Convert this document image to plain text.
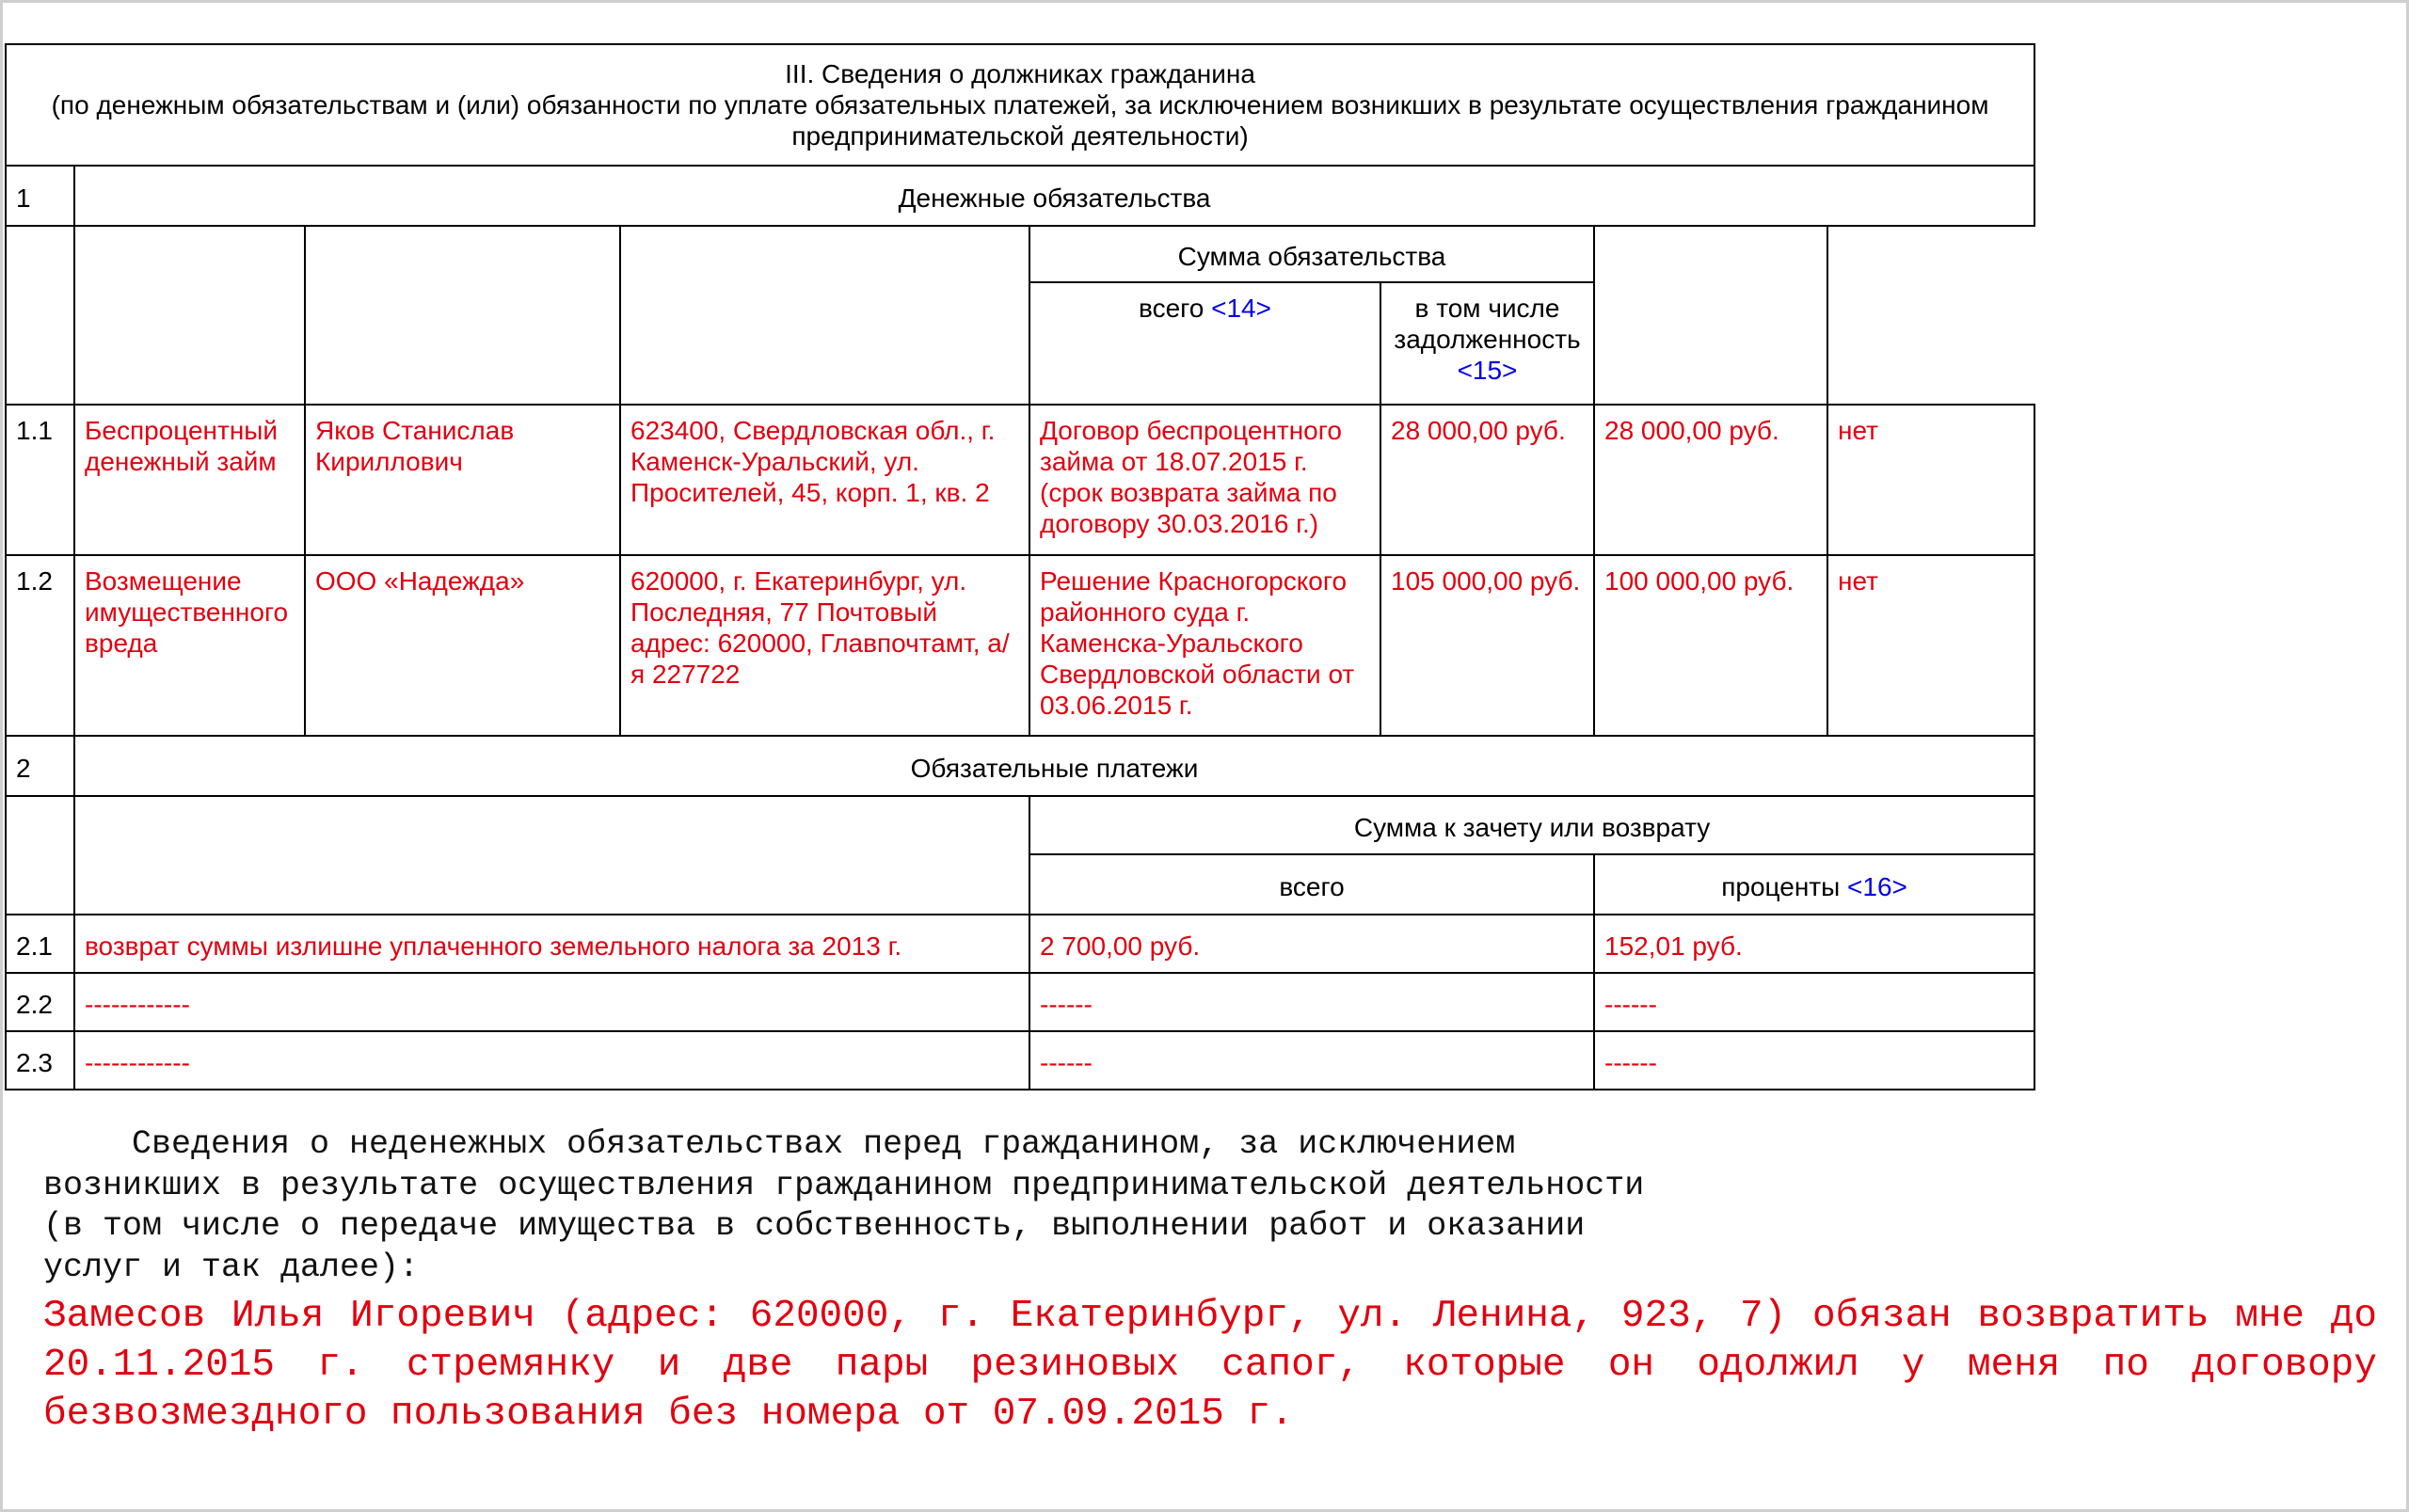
III. Сведения о должниках гражданина
(по денежным обязательствам и (или) обязанности по уплате обязательных платежей, за исключением возникших в результате осуществления гражданином предпринимательской деятельности)							

1	Денежные обязательства						
				Сумма обязательства			
				всего <14>	в том числе задолженность
<15>		
1.1	Беспроцентный денежный займ	Яков Станислав Кириллович	623400, Свердловская обл., г. Каменск-Уральский, ул. Просителей, 45, корп. 1, кв. 2	Договор беспроцентного займа от 18.07.2015 г. (срок возврата займа по договору 30.03.2016 г.)	28 000,00 руб.	28 000,00 руб.	нет
1.2	Возмещение имущественного вреда	ООО «Надежда»	620000, г. Екатеринбург, ул. Последняя, 77 Почтовый адрес: 620000, Главпочтамт, а/я 227722	Решение Красногорского районного суда г. Каменска-Уральского Свердловской области от 03.06.2015 г.	105 000,00 руб.	100 000,00 руб.	нет
2	Обязательные платежи						
				Сумма к зачету или возврату			
				всего		проценты <16>	
2.1	возврат суммы излишне уплаченного земельного налога за 2013 г.			2 700,00 руб.		152,01 руб.	
2.2	------------			------		------	
2.3	------------			------		------	

Сведения о неденежных обязательствах перед гражданином, за исключением возникших в результате осуществления гражданином предпринимательской деятельности (в том числе о передаче имущества в собственность, выполнении работ и оказании услуг и так далее):

Замесов Илья Игоревич (адрес: 620000, г. Екатеринбург, ул. Ленина, 923, 7) обязан возвратить мне до 20.11.2015 г. стремянку и две пары резиновых сапог, которые он одолжил у меня по договору безвозмездного пользования без номера от 07.09.2015 г.
